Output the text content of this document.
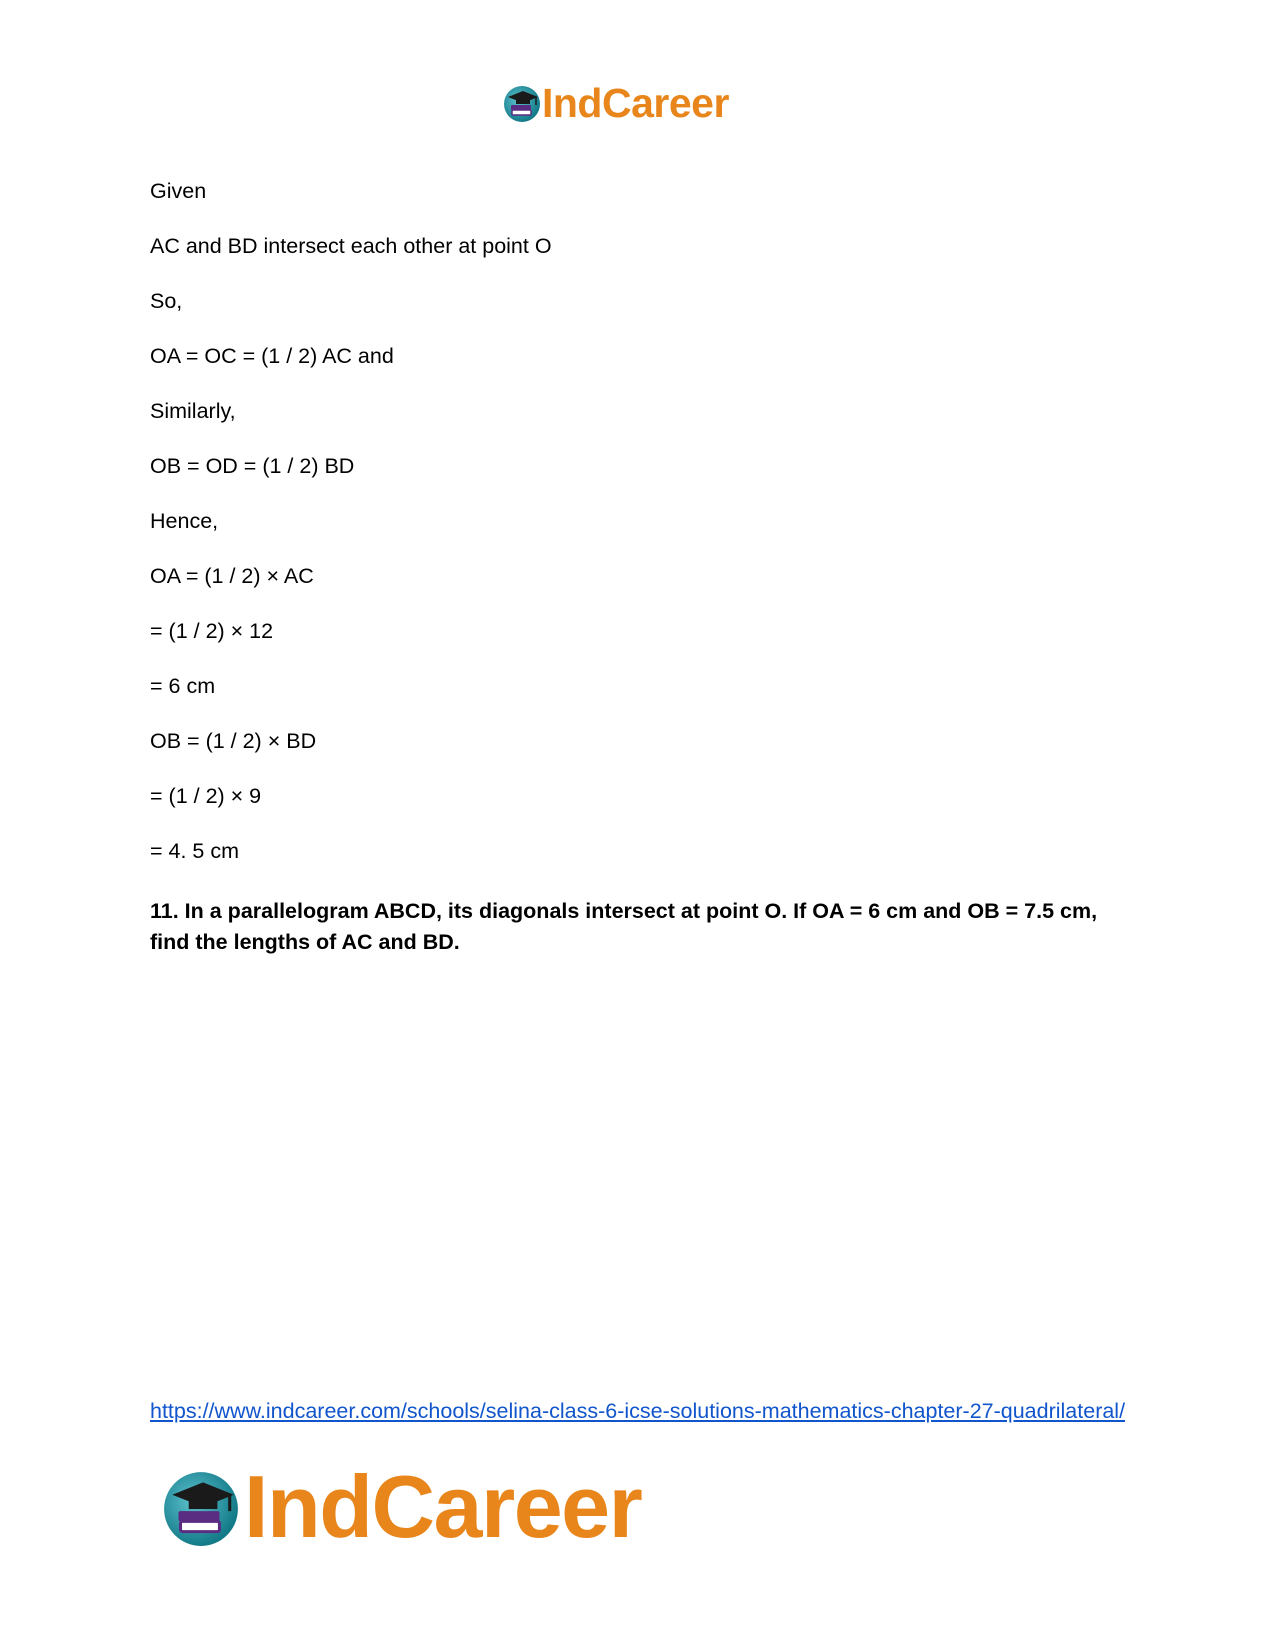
IndCareer
Given
AC and BD intersect each other at point O
So,
OA = OC = (1 / 2) AC and
Similarly,
OB = OD = (1 / 2) BD
Hence,
OA = (1 / 2) × AC
= (1 / 2) × 12
= 6 cm
OB = (1 / 2) × BD
= (1 / 2) × 9
= 4. 5 cm
11. In a parallelogram ABCD, its diagonals intersect at point O. If OA = 6 cm and OB = 7.5 cm, find the lengths of AC and BD.
https://www.indcareer.com/schools/selina-class-6-icse-solutions-mathematics-chapter-27-quadrilateral/
IndCareer
